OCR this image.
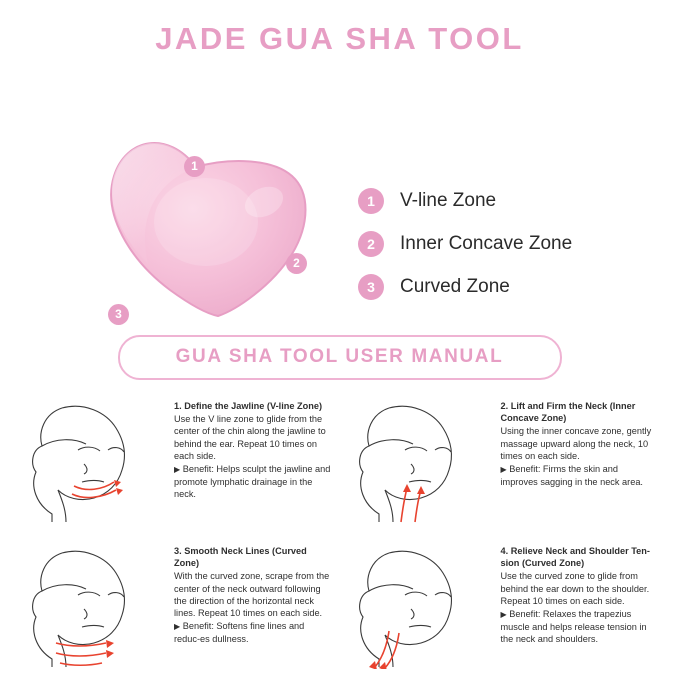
JADE GUA SHA TOOL
1
2
3
1	V-line Zone
2	Inner Concave Zone
3	Curved Zone
GUA SHA TOOL USER MANUAL
1. Define the Jawline (V-line Zone)
Use the V line zone to glide from the center of the chin along the jawline to behind the ear. Repeat 10 times on each side.
▶ Benefit: Helps sculpt the jawline and promote lymphatic drainage in the neck.
2. Lift and Firm the Neck (Inner Concave Zone)
Using the inner concave zone, gently massage upward along the neck, 10 times on each side.
▶ Benefit: Firms the skin and improves sagging in the neck area.
3. Smooth Neck Lines (Curved Zone)
With the curved zone, scrape from the center of the neck outward following the direction of the horizontal neck lines. Repeat 10 times on each side.
▶ Benefit: Softens fine lines and reduc-es dullness.
4. Relieve Neck and Shoulder Ten-sion (Curved Zone)
Use the curved zone to glide from behind the ear down to the shoulder. Repeat 10 times on each side.
▶ Benefit: Relaxes the trapezius muscle and helps release tension in the neck and shoulders.
